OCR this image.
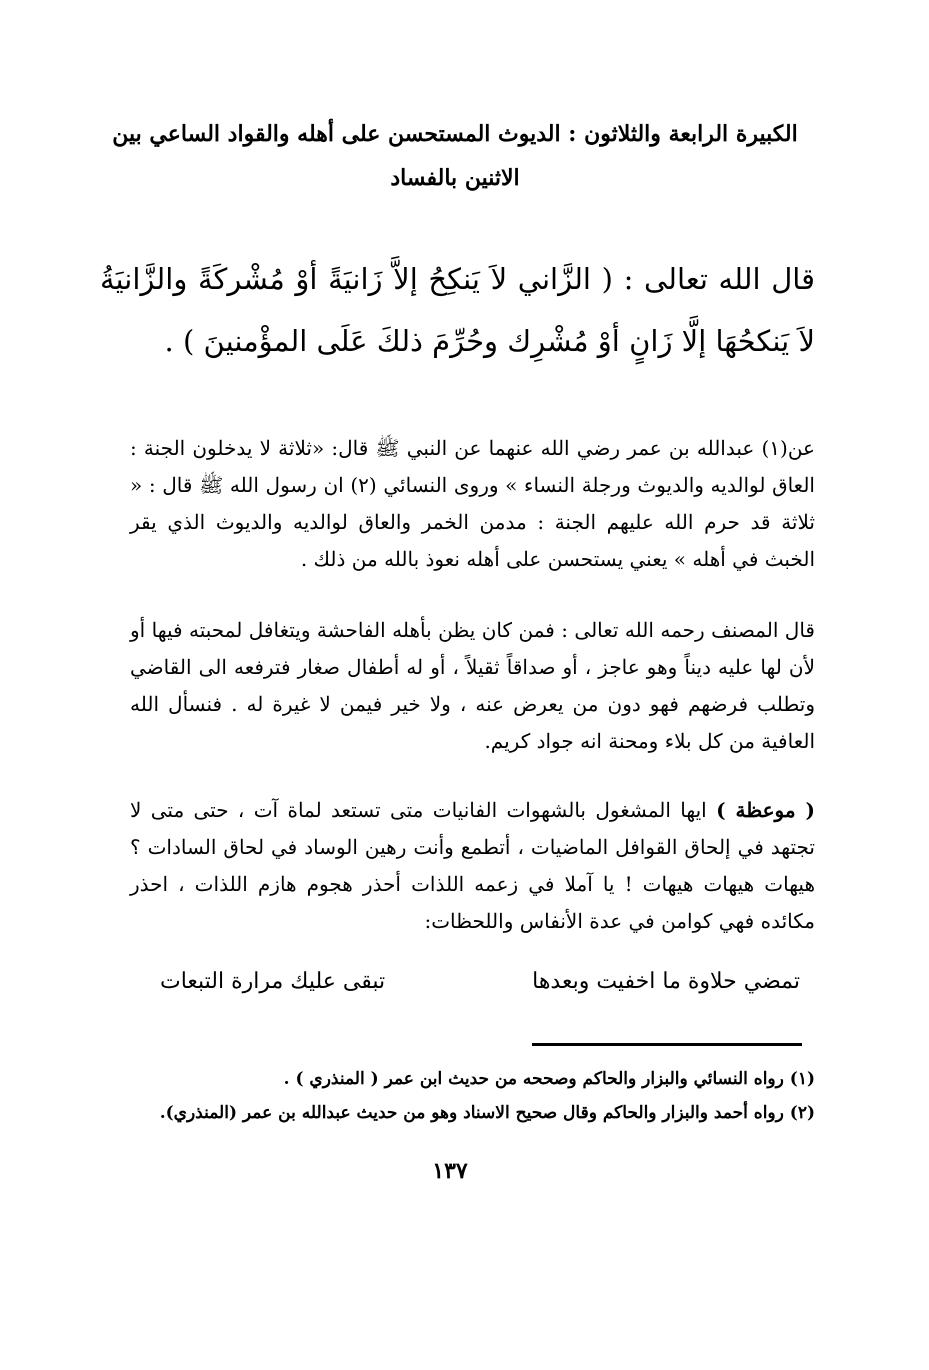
الكبيرة الرابعة والثلاثون : الديوث المستحسن على أهله والقواد الساعي بين الاثنين بالفساد
قال الله تعالى : ( الزَّاني لاَ يَنكِحُ إلاَّ زَانيَةً أوْ مُشْركَةً والزَّانيَةُ لاَ يَنكحُهَا إلَّا زَانٍ أوْ مُشْرِك وحُرِّمَ ذلكَ عَلَى المؤْمنينَ ) .
عن(١) عبدالله بن عمر رضي الله عنهما عن النبي ﷺ قال: «ثلاثة لا يدخلون الجنة : العاق لوالديه والديوث ورجلة النساء » وروى النسائي (٢) ان رسول الله ﷺ قال : « ثلاثة قد حرم الله عليهم الجنة : مدمن الخمر والعاق لوالديه والديوث الذي يقر الخبث في أهله » يعني يستحسن على أهله نعوذ بالله من ذلك .
قال المصنف رحمه الله تعالى : فمن كان يظن بأهله الفاحشة ويتغافل لمحبته فيها أو لأن لها عليه ديناً وهو عاجز ، أو صداقاً ثقيلاً ، أو له أطفال صغار فترفعه الى القاضي وتطلب فرضهم فهو دون من يعرض عنه ، ولا خير فيمن لا غيرة له . فنسأل الله العافية من كل بلاء ومحنة انه جواد كريم.
( موعظة ) ايها المشغول بالشهوات الفانيات متى تستعد لماة آت ، حتى متى لا تجتهد في إلحاق القوافل الماضيات ، أتطمع وأنت رهين الوساد في لحاق السادات ؟ هيهات هيهات هيهات ! يا آملا في زعمه اللذات أحذر هجوم هازم اللذات ، احذر مكائده فهي كوامن في عدة الأنفاس واللحظات:
تمضي حلاوة ما اخفيت وبعدها
تبقى عليك مرارة التبعات
(١) رواه النسائي والبزار والحاكم وصححه من حديث ابن عمر ( المنذري ) .
(٢) رواه أحمد والبزار والحاكم وقال صحيح الاسناد وهو من حديث عبدالله بن عمر (المنذري).
١٣٧
